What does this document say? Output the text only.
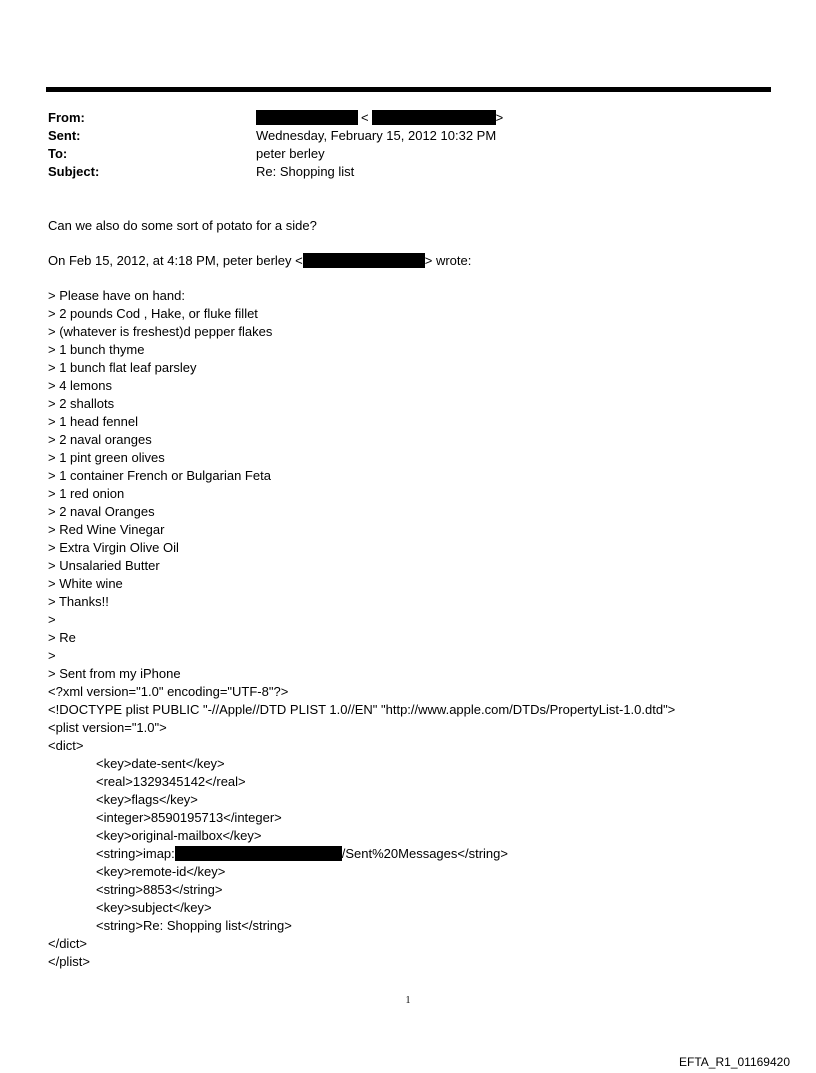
From:	<	>
Sent:	Wednesday, February 15, 2012 10:32 PM
To:	peter berley
Subject:	Re: Shopping list
Can we also do some sort of potato for a side?
On Feb 15, 2012, at 4:18 PM, peter berley <	> wrote:
> Please have on hand:
> 2 pounds Cod , Hake, or fluke fillet
> (whatever is freshest)d pepper flakes
> 1 bunch thyme
> 1 bunch flat leaf parsley
> 4 lemons
> 2 shallots
> 1 head fennel
> 2 naval oranges
> 1 pint green olives
> 1 container French or Bulgarian Feta
> 1 red onion
> 2 naval Oranges
> Red Wine Vinegar
> Extra Virgin Olive Oil
> Unsalaried Butter
> White wine
> Thanks!!
>
> Re
>
> Sent from my iPhone
<?xml version="1.0" encoding="UTF-8"?>
<!DOCTYPE plist PUBLIC "-//Apple//DTD PLIST 1.0//EN" "http://www.apple.com/DTDs/PropertyList-1.0.dtd">
<plist version="1.0">
<dict>
<key>date-sent</key>
<real>1329345142</real>
<key>flags</key>
<integer>8590195713</integer>
<key>original-mailbox</key>
<string>imap:	/Sent%20Messages</string>
<key>remote-id</key>
<string>8853</string>
<key>subject</key>
<string>Re: Shopping list</string>
</dict>
</plist>
1
EFTA_R1_01169420
